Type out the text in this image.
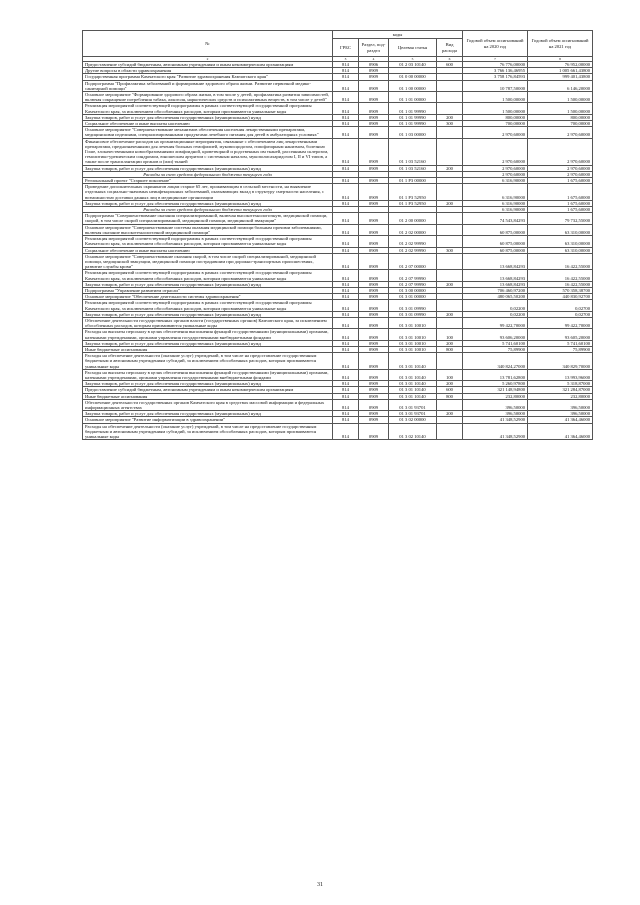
№	коды				Годовой объем ассигнований на 2020 год	Годовой объем ассигнований на 2021 год
	ГРБС	Раздел, под-раздел	Целевая статья	Вид расхода		
2	3	4	5	6	7	8
Предоставление субсидий бюджетным, автономным учреждениям и иным некоммерческим организациям	814	0906	01 2 03 10140	600	76 776,00000	76 952,00000
Другие вопросы в области здравоохранения	814	0909			3 766 136,46955	1 005 661,43800
Государственная программа Камчатского края "Развитие здравоохранения Камчатского края"	814	0909	01 0 00 00000		3 758 176,84593	999 401,43800
Подпрограмма "Профилактика заболеваний и формирование здорового образа жизни. Развитие первичной медико-санитарной помощи"	814	0909	01 1 00 00000		10 787,50000	6 146,20000
Основное мероприятие "Формирование здорового образа жизни, в том числе у детей, профилактика развития зависимостей, включая сокращение потребления табака, алкоголя, наркотических средств и психоактивных веществ, в том числе у детей"	814	0909	01 1 01 00000		1 500,00000	1 500,00000
Реализация мероприятий соответствующей подпрограммы в рамках соответствующей государственной программы Камчатского края, за исключением обособленных расходов, которым присваиваются уникальные коды	814	0909	01 1 01 99990		1 500,00000	1 500,00000
Закупка товаров, работ и услуг для обеспечения государственных (муниципальных) нужд	814	0909	01 1 01 99990	200	800,00000	800,00000
Социальное обеспечение и иные выплаты населению	814	0909	01 1 01 99990	300	700,00000	700,00000
Основное мероприятие "Совершенствование механизмов обеспечения населения лекарственными препаратами, медицинскими изделиями, специализированными продуктами лечебного питания для детей в амбулаторных условиях"	814	0909	01 1 03 00000		2 970,60000	2 970,60000
Финансовое обеспечение расходов на организационные мероприятия, связанные с обеспечением лиц лекарственными препаратами, предназначенными для лечения больных гемофилией, муковисцидозом, гипофизарным нанизмом, болезнью Гоше, злокачественными новообразованиями лимфоидной, кроветворной и родственных им тканей, рассеянным склерозом, гемолитико-уремическим синдромом, юношеским артритом с системным началом, мукополисахаридозом I, II и VI типов, а также после трансплантации органов и (или) тканей	814	0909	01 1 03 52160		2 970,60000	2 970,60000
Закупка товаров, работ и услуг для обеспечения государственных (муниципальных) нужд	814	0909	01 1 03 52160	200	2 970,60000	2 970,60000
Расходы за счет средств федерального бюджета текущего года					2 970,60000	2 970,60000
Региональный проект "Старшее поколение"	814	0909	01 1 P3 00000		6 316,90000	1 675,60000
Проведение дополнительных скринингов лицам старше 65 лет, проживающим в сельской местности, на выявление отдельных социально-значимых неинфекционных заболеваний, оказывающих вклад в структуру смертности населения, с возможностью доставки данных лиц в медицинские организации	814	0909	01 1 P3 52950		6 316,90000	1 675,60000
Закупка товаров, работ и услуг для обеспечения государственных (муниципальных) нужд	814	0909	01 1 P3 52950	200	6 316,90000	1 675,60000
Расходы за счет средств федерального бюджета текущего года					6 316,90000	1 675,60000
Подпрограмма "Совершенствование оказания специализированной, включая высокотехнологичную, медицинской помощи, скорой, в том числе скорой специализированной, медицинской помощи, медицинской эвакуации"	814	0909	01 2 00 00000		74 543,84293	79 732,55000
Основное мероприятие "Совершенствование системы оказания медицинской помощи больным прочими заболеваниями, включая оказание высокотехнологичной медицинской помощи"	814	0909	01 2 02 00000		60 875,00000	63 310,00000
Реализация мероприятий соответствующей подпрограммы в рамках соответствующей государственной программы Камчатского края, за исключением обособленных расходов, которым присваиваются уникальные коды	814	0909	01 2 02 99990		60 875,00000	63 310,00000
Социальное обеспечение и иные выплаты населению	814	0909	01 2 02 99990	300	60 875,00000	63 310,00000
Основное мероприятие "Совершенствование оказания скорой, в том числе скорой специализированной, медицинской помощи, медицинской эвакуации, медицинской помощи пострадавшим при дорожно-транспортных происшествиях, развитие службы крови"	814	0909	01 2 07 00000		13 668,84293	16 422,55000
Реализация мероприятий соответствующей подпрограммы в рамках соответствующей государственной программы Камчатского края, за исключением обособленных расходов, которым присваиваются уникальные коды	814	0909	01 2 07 99990		13 668,84293	16 422,55000
Закупка товаров, работ и услуг для обеспечения государственных (муниципальных) нужд	814	0909	01 2 07 99990	200	13 668,84293	16 422,55000
Подпрограмма "Управление развитием отрасли"	814	0909	01 3 00 00000		706 460,97200	570 358,38700
Основное мероприятие "Обеспечение деятельности системы здравоохранения"	814	0909	01 3 01 00000		480 065,50200	440 830,92700
Реализация мероприятий соответствующей подпрограммы в рамках соответствующей государственной программы Камчатского края, за исключением обособленных расходов, которым присваиваются уникальные коды	814	0909	01 3 01 09990		0,02200	0,02700
Закупка товаров, работ и услуг для обеспечения государственных (муниципальных) нужд	814	0909	01 3 01 09990	200	0,02200	0,02700
Обеспечение деятельности государственных органов власти (государственных органов) Камчатского края, за исключением обособленных расходов, которым присваиваются уникальные коды	814	0909	01 3 01 10010		99 422,70000	99 422,70000
Расходы на выплаты персоналу в целях обеспечения выполнения функций государственными (муниципальными) органами, казенными учреждениями, органами управления государственными внебюджетными фондами	814	0909	01 3 01 10010	100	93 606,20000	93 605,20000
Закупка товаров, работ и услуг для обеспечения государственных (муниципальных) нужд	814	0909	01 3 01 10010	200	5 741,60100	5 741,60100
Иные бюджетные ассигнования	814	0909	01 3 01 10010	800	75,89900	75,89900
Расходы на обеспечение деятельности (оказание услуг) учреждений, в том числе на предоставление государственным бюджетным и автономным учреждениям субсидий, за исключением обособленных расходов, которым присваиваются уникальные коды	814	0909	01 3 01 10140		340 824,27000	340 829,70000
Расходы на выплаты персоналу в целях обеспечения выполнения функций государственными (муниципальными) органами, казенными учреждениями, органами управления государственными внебюджетными фондами	814	0909	01 3 01 10140	100	13 781,62800	13 993,96000
Закупка товаров, работ и услуг для обеспечения государственных (муниципальных) нужд	814	0909	01 3 01 10140	200	5 260,97800	5 318,87000
Предоставление субсидий бюджетным, автономным учреждениям и иным некоммерческим организациям	814	0909	01 3 01 10140	600	321 148,94800	321 284,87000
Иные бюджетные ассигнования	814	0909	01 3 01 10140	800	232,80000	232,80000
Обеспечение деятельности государственных органов Камчатского края в средствах массовой информации и федеральных информационных агентствах	814	0909	01 3 01 93701		396,50000	396,50000
Закупка товаров, работ и услуг для обеспечения государственных (муниципальных) нужд	814	0909	01 3 01 93701	200	396,50000	396,50000
Основное мероприятие "Развитие информатизации в здравоохранении"	814	0909	01 3 02 00000		41 348,52900	41 364,46000
Расходы на обеспечение деятельности (оказание услуг) учреждений, в том числе на предоставление государственным бюджетным и автономным учреждениям субсидий, за исключением обособленных расходов, которым присваиваются уникальные коды	814	0909	01 3 02 10140		41 348,52900	41 364,46000
31
